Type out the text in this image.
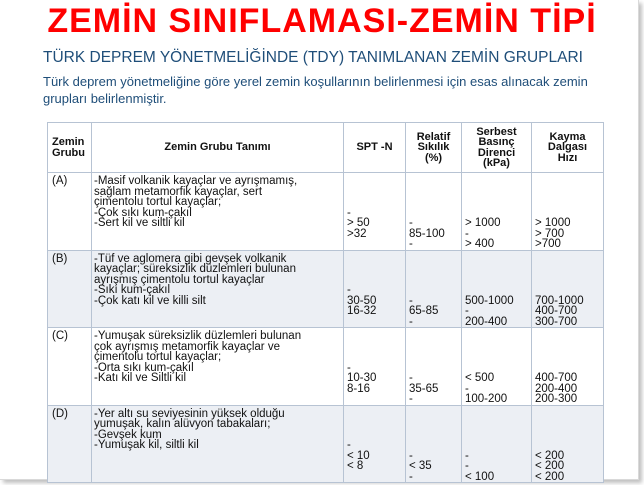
ZEMİN SINIFLAMASI-ZEMİN TİPİ
TÜRK DEPREM YÖNETMELİĞİNDE (TDY) TANIMLANAN ZEMİN GRUPLARI
Türk deprem yönetmeliğine göre yerel zemin koşullarının belirlenmesi için esas alınacak zemin grupları belirlenmiştir.
Zemin
Grubu	Zemin Grubu Tanımı	SPT -N	Relatif
Sıkılık
(%)	Serbest
Basınç
Direnci
(kPa)	Kayma
Dalgası
Hızı

(A)	-Masif volkanik kayaçlar ve ayrışmamış,
sağlam metamorfik kayaçlar, sert
çimentolu tortul kayaçlar;
-Çok sıkı kum-çakıl
-Sert kil ve siltli kil	-
> 50
>32	-
85-100
-	> 1000
-
> 400	> 1000
> 700
>700

(B)	-Tüf ve aglomera gibi gevşek volkanik
kayaçlar; süreksizlik düzlemleri bulunan
ayrışmış çimentolu tortul kayaçlar
-Sıkı kum-çakıl
-Çok katı kil ve killi silt	-
30-50
16-32	-
65-85
-	500-1000
-
200-400	700-1000
400-700
300-700

(C)	-Yumuşak süreksizlik düzlemleri bulunan
çok ayrışmış metamorfik kayaçlar ve
çimentolu tortul kayaçlar;
-Orta sıkı kum-çakıl
-Katı kil ve Siltli kil	-
10-30
8-16	-
35-65
-	< 500
-
100-200	400-700
200-400
200-300

(D)	-Yer altı su seviyesinin yüksek olduğu
yumuşak, kalın alüvyon tabakaları;
-Gevşek kum
-Yumuşak kil, siltli kil	-
< 10
< 8	-
< 35
-	-
-
< 100	< 200
< 200
< 200
